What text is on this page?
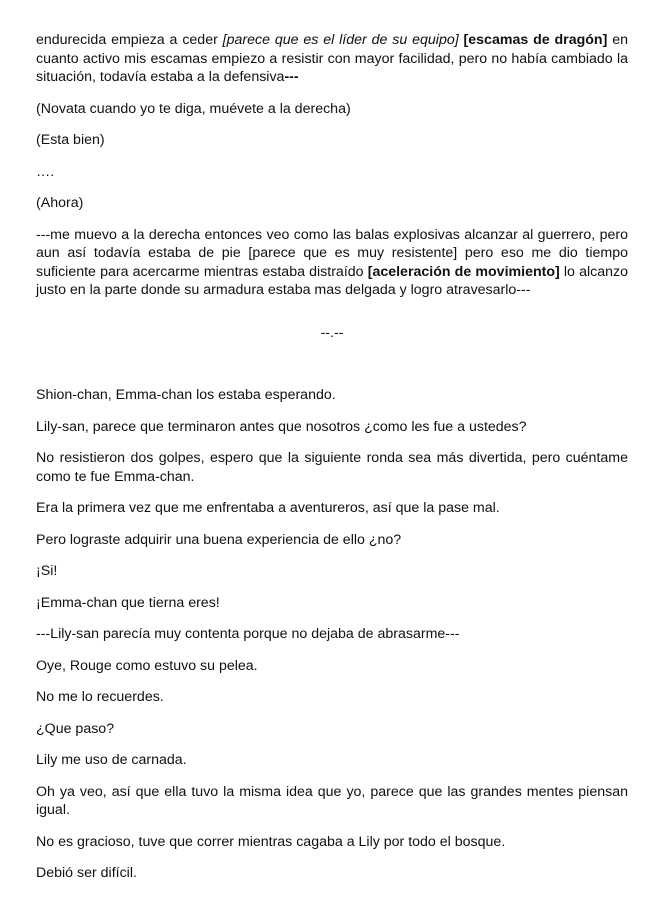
endurecida empieza a ceder [parece que es el líder de su equipo] [escamas de dragón] en cuanto activo mis escamas empiezo a resistir con mayor facilidad, pero no había cambiado la situación, todavía estaba a la defensiva---

(Novata cuando yo te diga, muévete a la derecha)

(Esta bien)

….

(Ahora)

---me muevo a la derecha entonces veo como las balas explosivas alcanzar al guerrero, pero aun así todavía estaba de pie [parece que es muy resistente] pero eso me dio tiempo suficiente para acercarme mientras estaba distraído [aceleración de movimiento] lo alcanzo justo en la parte donde su armadura estaba mas delgada y logro atravesarlo---

--.--

Shion-chan, Emma-chan los estaba esperando.

Lily-san, parece que terminaron antes que nosotros ¿como les fue a ustedes?

No resistieron dos golpes, espero que la siguiente ronda sea más divertida, pero cuéntame como te fue Emma-chan.

Era la primera vez que me enfrentaba a aventureros, así que la pase mal.

Pero lograste adquirir una buena experiencia de ello ¿no?

¡Si!

¡Emma-chan que tierna eres!

---Lily-san parecía muy contenta porque no dejaba de abrasarme---

Oye, Rouge como estuvo su pelea.

No me lo recuerdes.

¿Que paso?

Lily me uso de carnada.

Oh ya veo, así que ella tuvo la misma idea que yo, parece que las grandes mentes piensan igual.

No es gracioso, tuve que correr mientras cagaba a Lily por todo el bosque.

Debió ser difícil.
